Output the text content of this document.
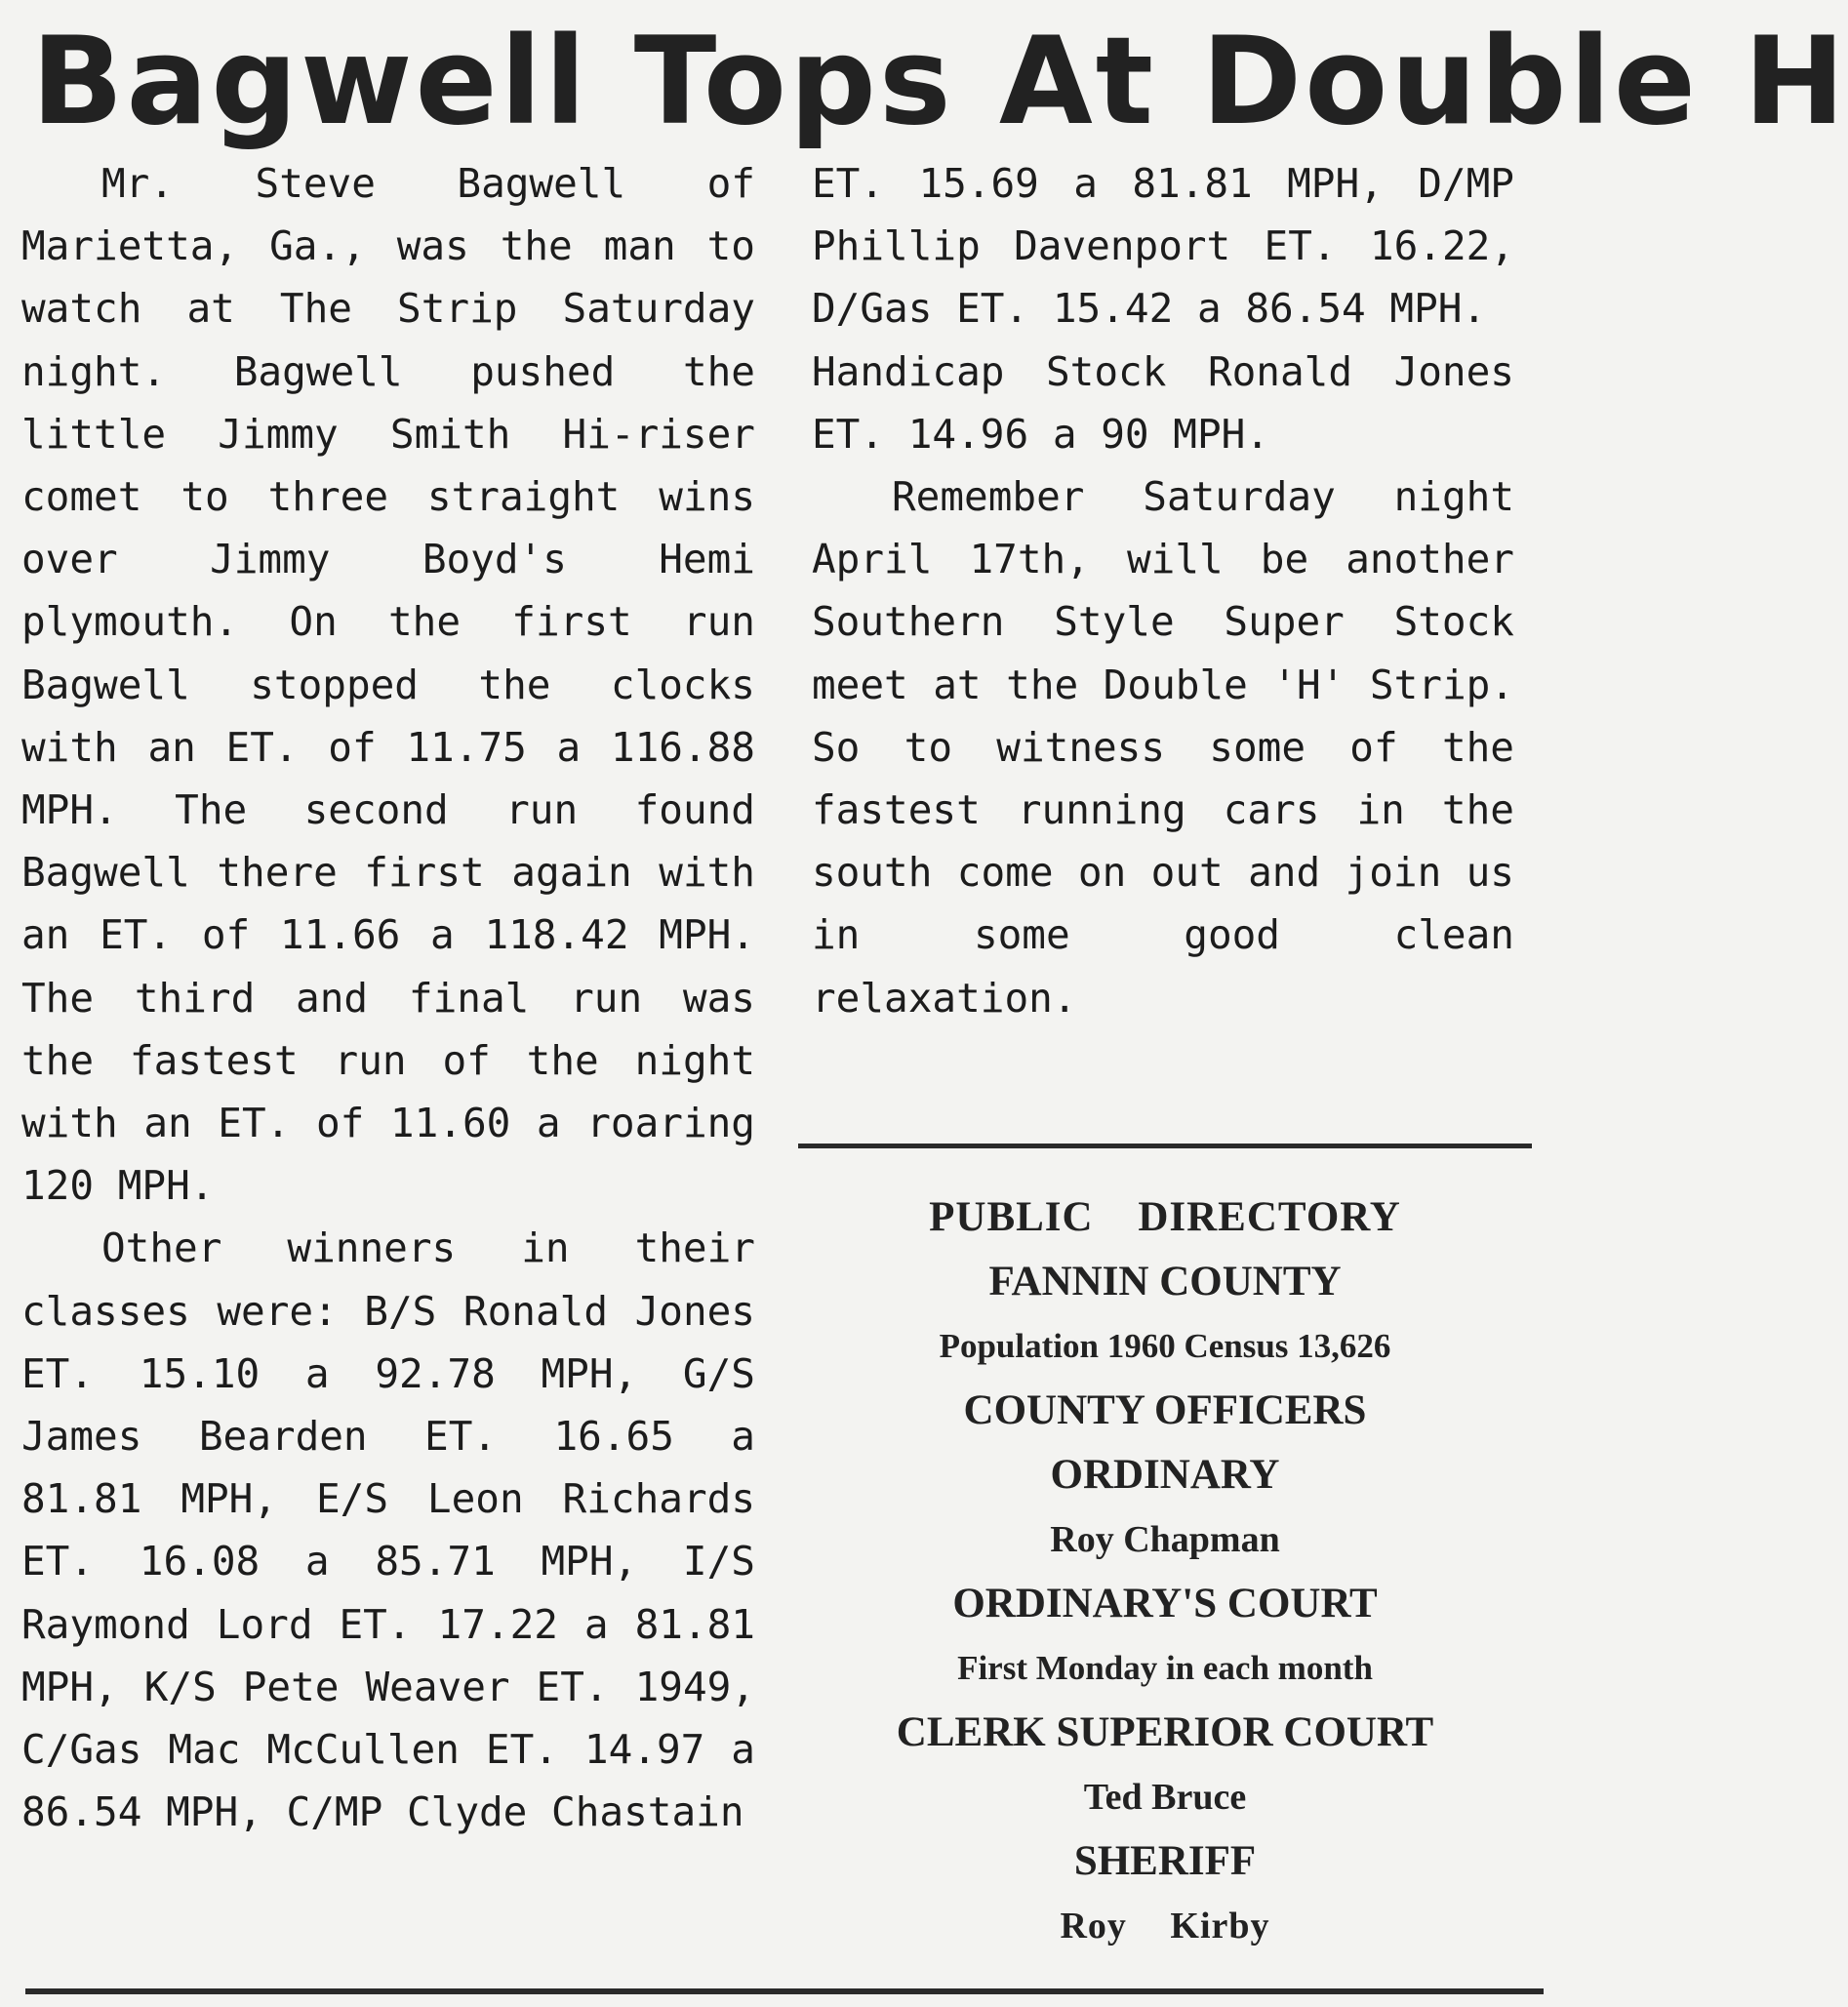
Bagwell Tops At Double H

Mr. Steve Bagwell of Marietta, Ga., was the man to watch at The Strip Saturday night. Bagwell pushed the little Jimmy Smith Hi-riser comet to three straight wins over Jimmy Boyd's Hemi plymouth. On the first run Bagwell stopped the clocks with an ET. of 11.75 a 116.88 MPH. The second run found Bagwell there first again with an ET. of 11.66 a 118.42 MPH. The third and final run was the fastest run of the night with an ET. of 11.60 a roaring 120 MPH.

Other winners in their classes were: B/S Ronald Jones ET. 15.10 a 92.78 MPH, G/S James Bearden ET. 16.65 a 81.81 MPH, E/S Leon Richards ET. 16.08 a 85.71 MPH, I/S Raymond Lord ET. 17.22 a 81.81 MPH, K/S Pete Weaver ET. 1949, C/Gas Mac McCullen ET. 14.97 a 86.54 MPH, C/MP Clyde Chastain

ET. 15.69 a 81.81 MPH, D/MP Phillip Davenport ET. 16.22, D/Gas ET. 15.42 a 86.54 MPH.

Handicap Stock Ronald Jones ET. 14.96 a 90 MPH.

Remember Saturday night April 17th, will be another Southern Style Super Stock meet at the Double 'H' Strip. So to witness some of the fastest running cars in the south come on out and join us in some good clean relaxation.

PUBLIC DIRECTORY
FANNIN COUNTY
Population 1960 Census 13,626
COUNTY OFFICERS
ORDINARY
Roy Chapman
ORDINARY'S COURT
First Monday in each month
CLERK SUPERIOR COURT
Ted Bruce
SHERIFF
Roy Kirby
